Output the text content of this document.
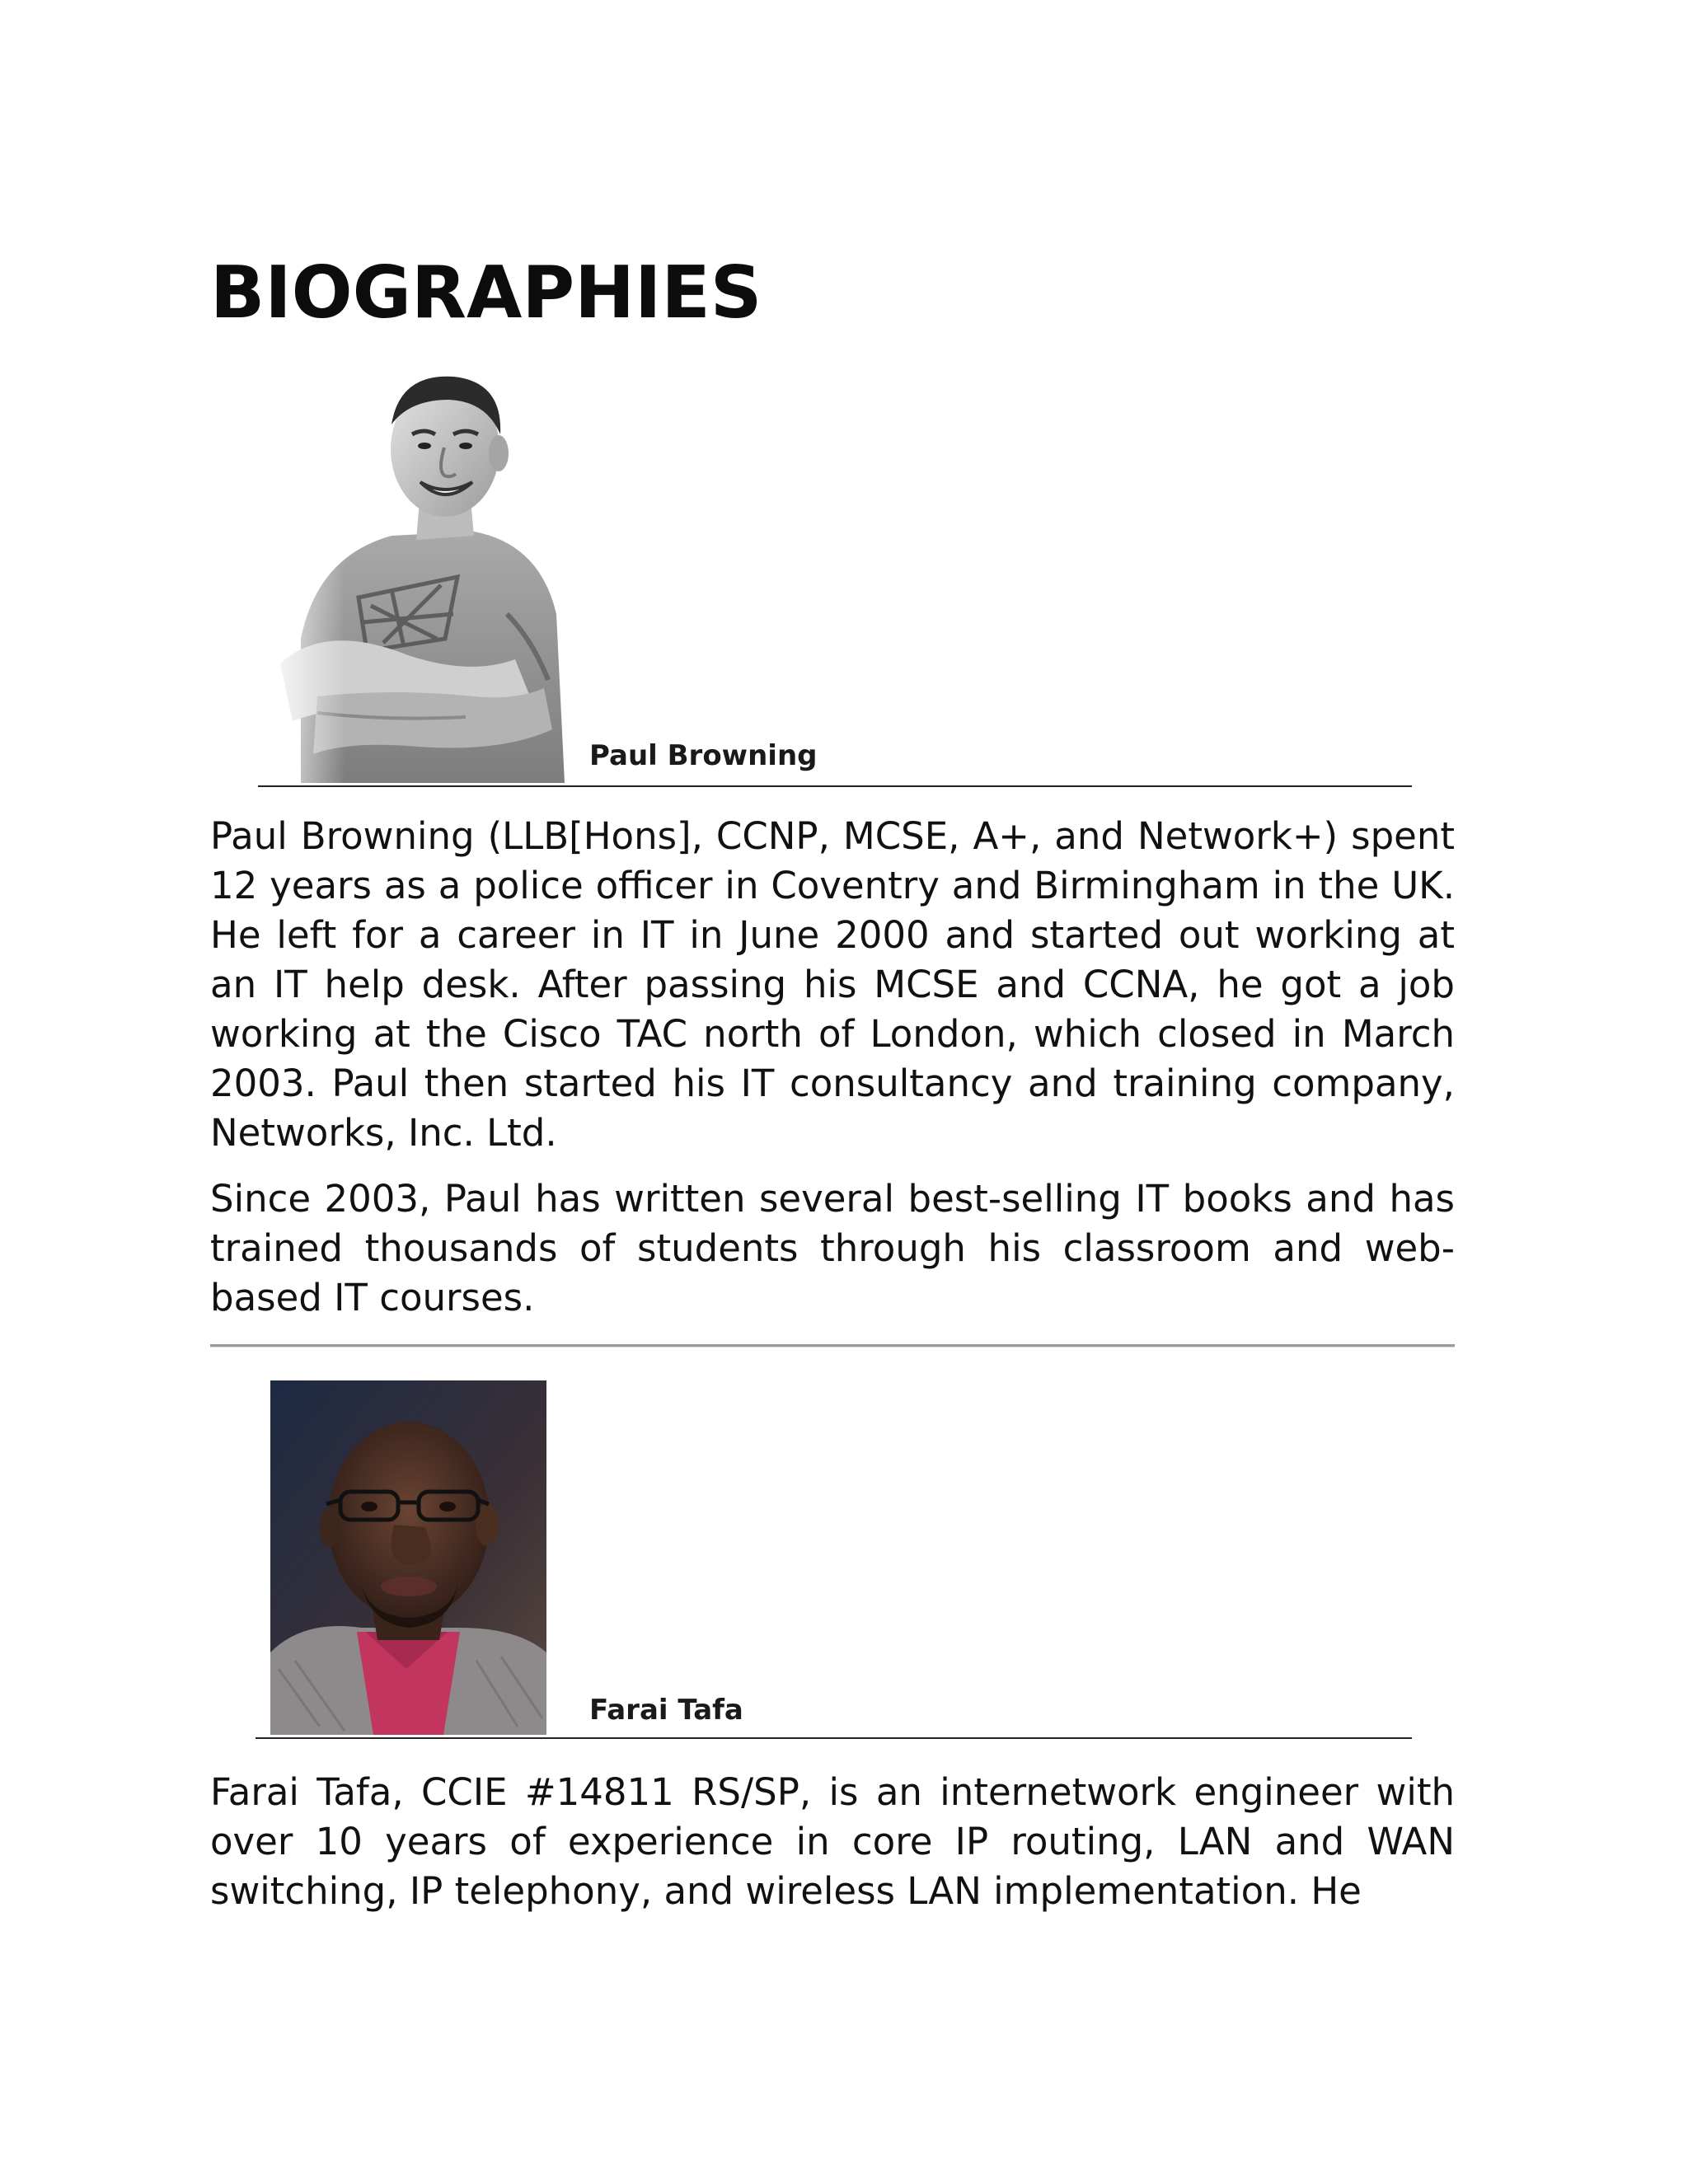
BIOGRAPHIES
Paul Browning

Paul Browning (LLB[Hons], CCNP, MCSE, A+, and Network+) spent 12 years as a police officer in Coventry and Birmingham in the UK. He left for a career in IT in June 2000 and started out working at an IT help desk. After passing his MCSE and CCNA, he got a job working at the Cisco TAC north of London, which closed in March 2003. Paul then started his IT consultancy and training company, Networks, Inc. Ltd.

Since 2003, Paul has written several best-selling IT books and has trained thousands of students through his classroom and web-based IT courses.

Farai Tafa

Farai Tafa, CCIE #14811 RS/SP, is an internetwork engineer with over 10 years of experience in core IP routing, LAN and WAN switching, IP telephony, and wireless LAN implementation. He
